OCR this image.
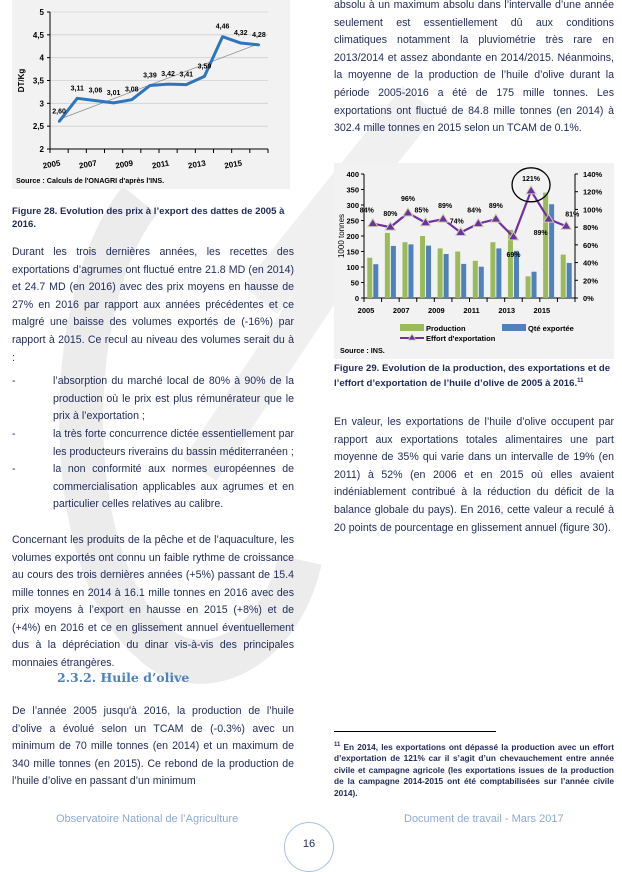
2
2,5
3
3,5
4
4,5
5
2005 2007 2009 2011 2013 2015
DT/Kg
2,60
3,11 3,06 3,01 3,08
3,39 3,42 3,41
3,59
4,46
4,32 4,28
Source : Calculs de l'ONAGRI d'après l'INS.
Figure 28. Evolution des prix à l’export des dattes de 2005 à 2016.

Durant les trois dernières années, les recettes des exportations d’agrumes ont fluctué entre 21.8 MD (en 2014) et 24.7 MD (en 2016) avec des prix moyens en hausse de 27% en 2016 par rapport aux années précédentes et ce malgré une baisse des volumes exportés de (-16%) par rapport à 2015. Ce recul au niveau des volumes serait du à :

-	l’absorption du marché local de 80% à 90% de la production où le prix est plus rémunérateur que le prix à l’exportation ;
-	la très forte concurrence dictée essentiellement par les producteurs riverains du bassin méditerranéen ;
-	la non conformité aux normes européennes de commercialisation applicables aux agrumes et en particulier celles relatives au calibre.

Concernant les produits de la pêche et de l’aquaculture, les volumes exportés ont connu un faible rythme de croissance au cours des trois dernières années (+5%) passant de 15.4 mille tonnes en 2014 à 16.1 mille tonnes en 2016 avec des prix moyens à l’export en hausse en 2015 (+8%) et de (+4%) en 2016 et ce en glissement annuel éventuellement dus à la dépréciation du dinar vis-à-vis des principales monnaies étrangères.

2.3.2. Huile d’olive

De l’année 2005 jusqu'à 2016, la production de l’huile d’olive a évolué selon un TCAM de (-0.3%) avec un minimum de 70 mille tonnes (en 2014) et un maximum de 340 mille tonnes (en 2015). Ce rebond de la production de l’huile d’olive en passant d’un minimum

absolu à un maximum absolu dans l’intervalle d’une année seulement est essentiellement dû aux conditions climatiques notamment la pluviométrie très rare en 2013/2014 et assez abondante en 2014/2015. Néanmoins, la moyenne de la production de l’huile d’olive durant la période 2005-2016 a été de 175 mille tonnes. Les exportations ont fluctué de 84.8 mille tonnes (en 2014) à 302.4 mille tonnes en 2015 selon un TCAM de 0.1%.

0
50
100
150
200
250
300
350
400
0%
20%
40%
60%
80%
100%
120%
140%
2005 2007 2009 2011 2013 2015
1000 tonnes
84%
80%
96%
85%
89%
74%
84%
89%
69%
121%
89%
81%
Production	Qté exportée
Effort d'exportation
Source : INS.
Figure 29. Evolution de la production, des exportations et de l’effort d’exportation de l’huile d’olive de 2005 à 2016.11

En valeur, les exportations de l’huile d’olive occupent par rapport aux exportations totales alimentaires une part moyenne de 35% qui varie dans un intervalle de 19% (en 2011) à 52% (en 2006 et en 2015 où elles avaient indéniablement contribué à la réduction du déficit de la balance globale du pays). En 2016, cette valeur a reculé à 20 points de pourcentage en glissement annuel (figure 30).

$^{11}$ En 2014, les exportations ont dépassé la production avec un effort d’exportation de 121% car il s’agit d’un chevauchement entre année civile et campagne agricole (les exportations issues de la production de la campagne 2014-2015 ont été comptabilisées sur l’année civile 2014).
Observatoire National de l’Agriculture
16
Document de travail - Mars 2017
